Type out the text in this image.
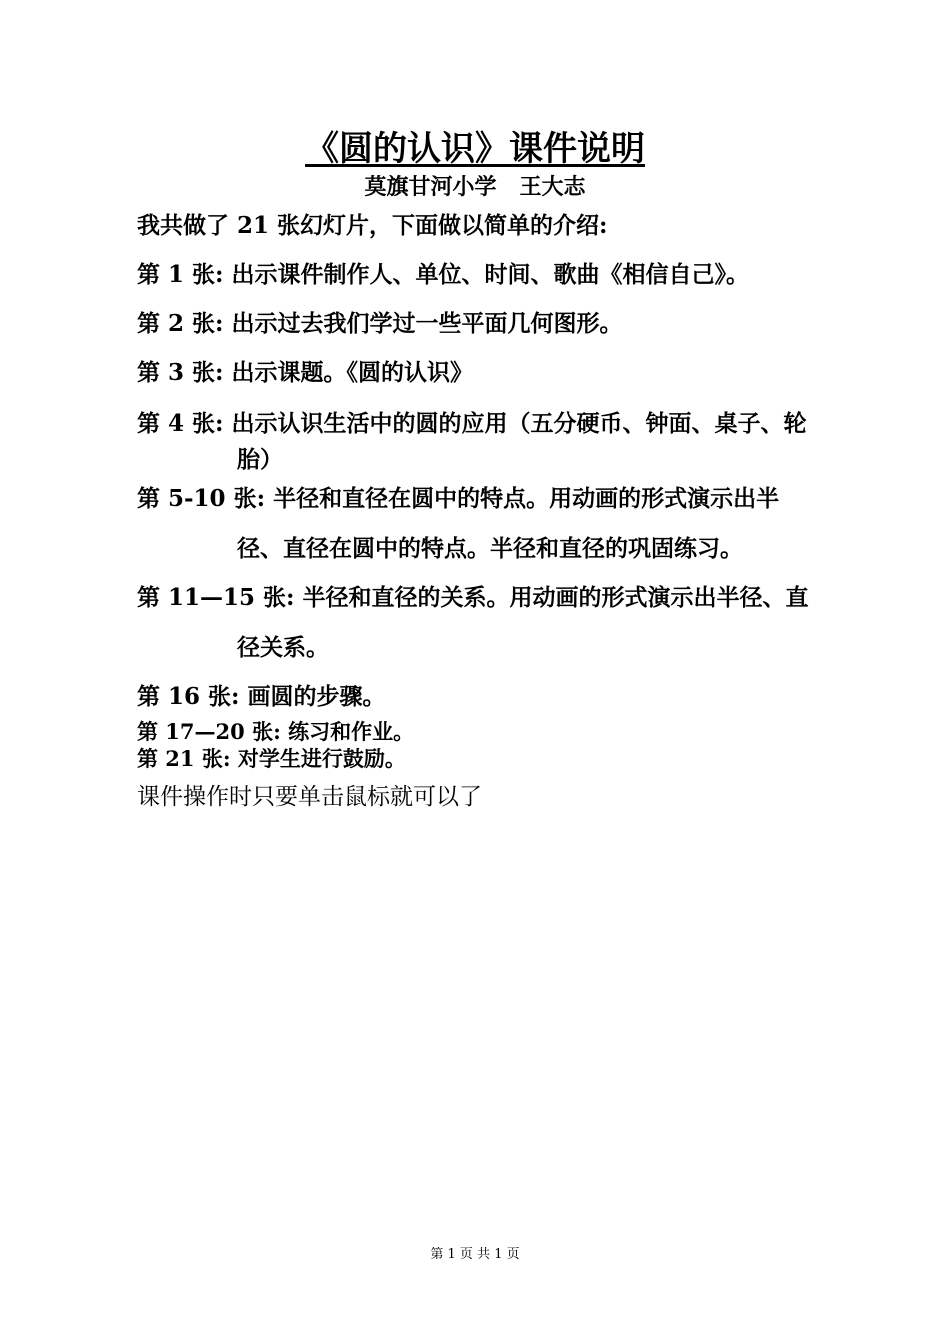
《圆的认识》课件说明
莫旗甘河小学   王大志
我共做了 21 张幻灯片，下面做以简单的介绍:
第 1 张: 出示课件制作人、单位、时间、歌曲《相信自己》。
第 2 张: 出示过去我们学过一些平面几何图形。
第 3 张: 出示课题。《圆的认识》
第 4 张: 出示认识生活中的圆的应用（五分硬币、钟面、桌子、轮
胎）
第 5-10 张: 半径和直径在圆中的特点。用动画的形式演示出半
径、直径在圆中的特点。半径和直径的巩固练习。
第 11—15 张: 半径和直径的关系。用动画的形式演示出半径、直
径关系。
第 16 张: 画圆的步骤。
第 17—20 张: 练习和作业。
第 21 张: 对学生进行鼓励。
课件操作时只要单击鼠标就可以了
第 1 页 共 1 页
